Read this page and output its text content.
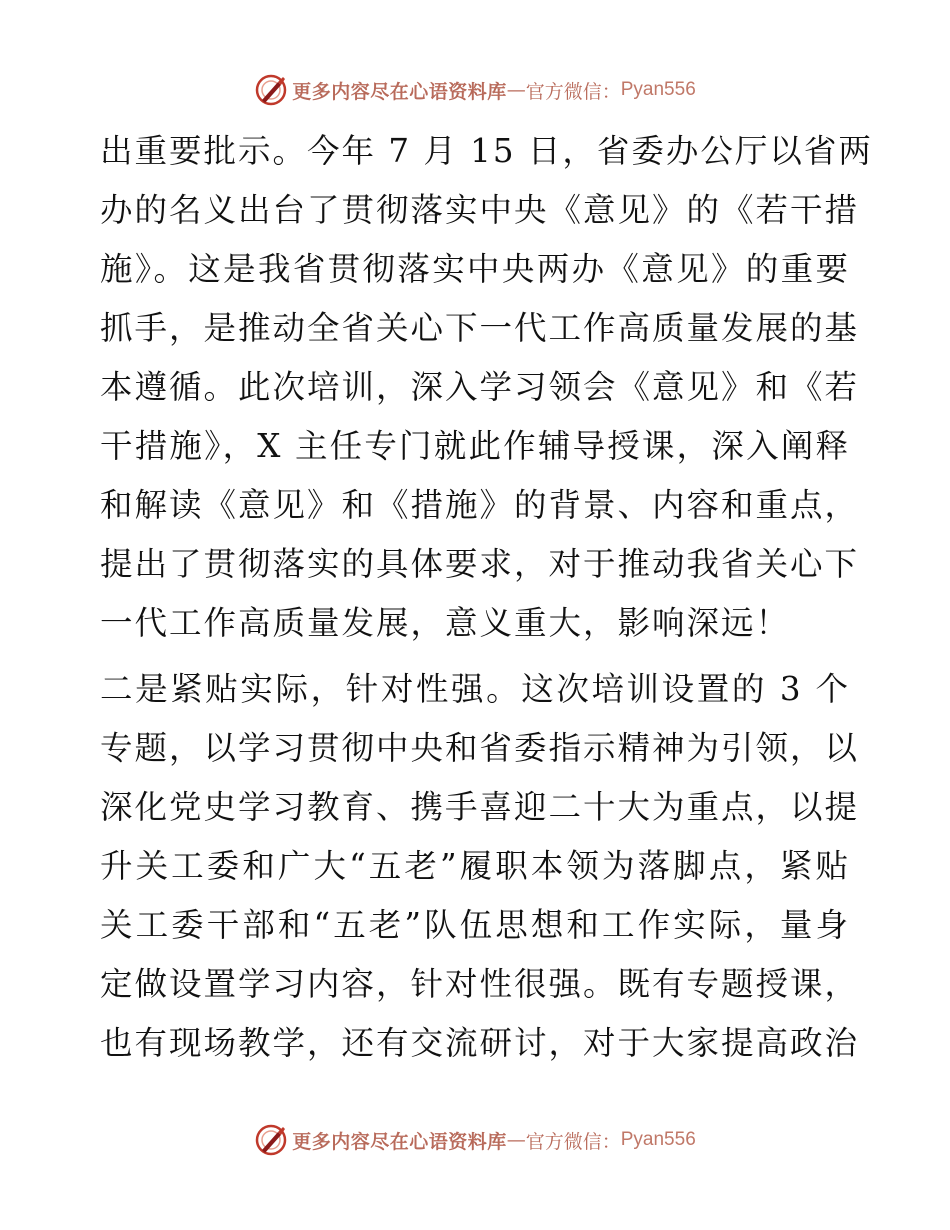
更多内容尽在心语资料库 — 官方微信： Pyan556
出重要批示。今年 7 月 15 日，省委办公厅以省两
办的名义出台了贯彻落实中央《意见》的《若干措
施》。这是我省贯彻落实中央两办《意见》的重要
抓手，是推动全省关心下一代工作高质量发展的基
本遵循。此次培训，深入学习领会《意见》和《若
干措施》，X 主任专门就此作辅导授课，深入阐释
和解读《意见》和《措施》的背景、内容和重点，
提出了贯彻落实的具体要求，对于推动我省关心下
一代工作高质量发展，意义重大，影响深远！
二是紧贴实际，针对性强。这次培训设置的 3 个
专题，以学习贯彻中央和省委指示精神为引领，以
深化党史学习教育、携手喜迎二十大为重点，以提
升关工委和广大“五老”履职本领为落脚点，紧贴
关工委干部和“五老”队伍思想和工作实际，量身
定做设置学习内容，针对性很强。既有专题授课，
也有现场教学，还有交流研讨，对于大家提高政治
更多内容尽在心语资料库 — 官方微信： Pyan556
